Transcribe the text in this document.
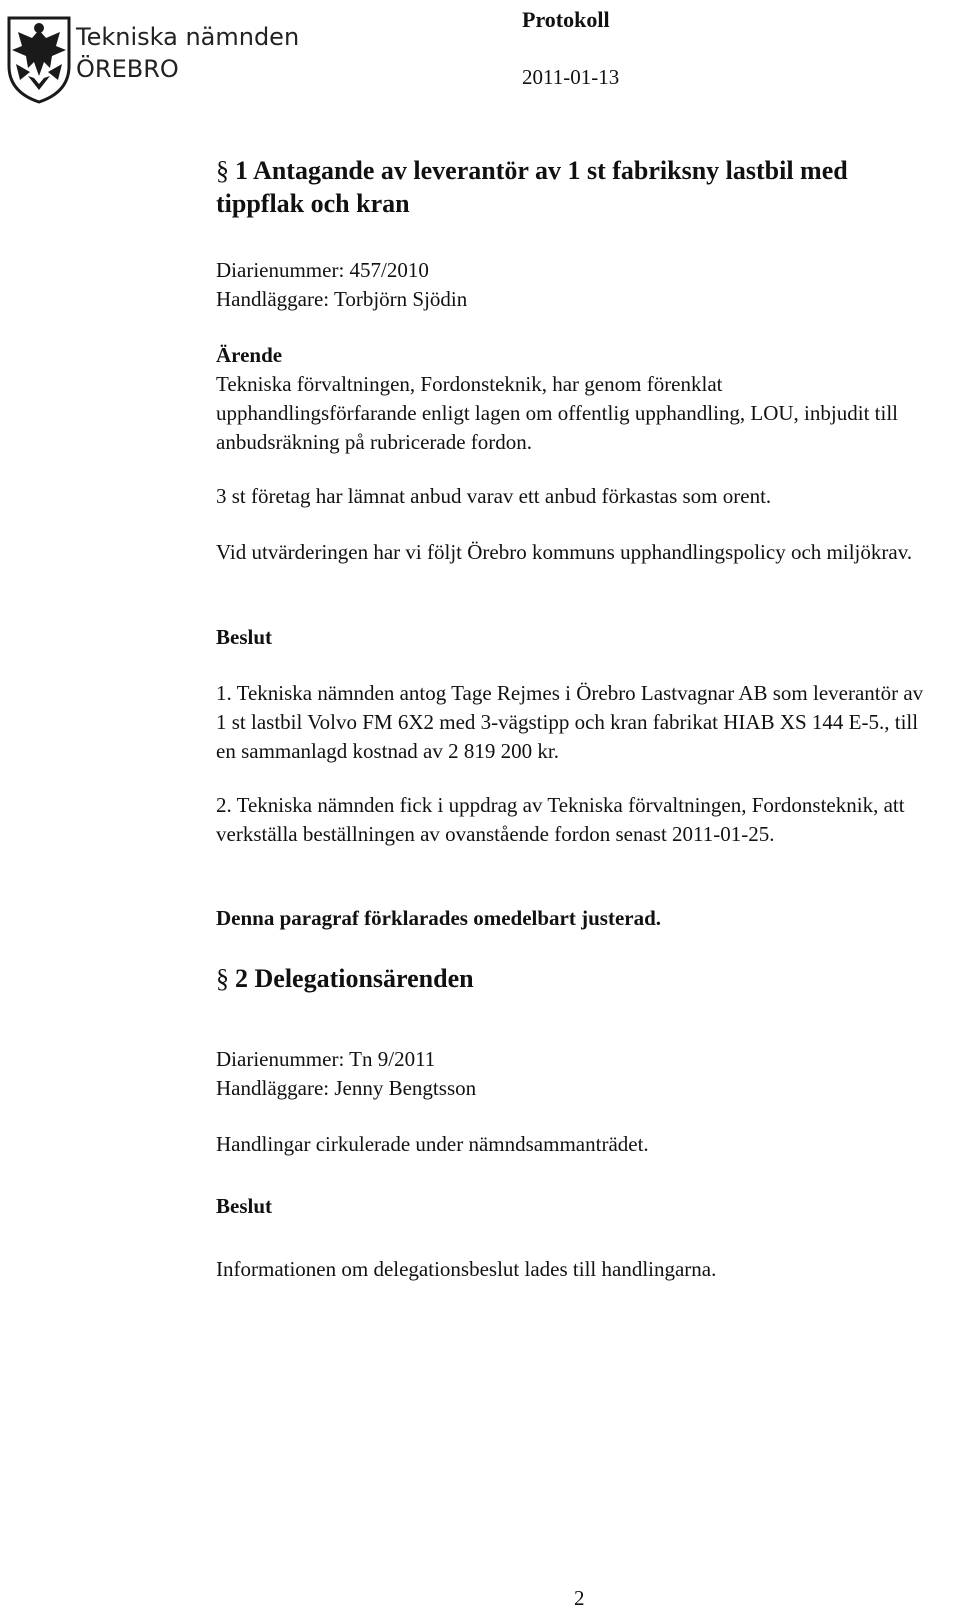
Tekniska nämnden
ÖREBRO
Protokoll
2011-01-13
§ 1 Antagande av leverantör av 1 st fabriksny lastbil med tippflak och kran
Diarienummer: 457/2010
Handläggare: Torbjörn Sjödin
Ärende
Tekniska förvaltningen, Fordonsteknik, har genom förenklat upphandlingsförfarande enligt lagen om offentlig upphandling, LOU, inbjudit till anbudsräkning på rubricerade fordon.
3 st företag har lämnat anbud varav ett anbud förkastas som orent.
Vid utvärderingen har vi följt Örebro kommuns upphandlingspolicy och miljökrav.
Beslut
1. Tekniska nämnden antog Tage Rejmes i Örebro Lastvagnar AB som leverantör av 1 st lastbil Volvo FM 6X2 med 3-vägstipp och kran fabrikat HIAB XS 144 E-5., till en sammanlagd kostnad av 2 819 200 kr.
2. Tekniska nämnden fick i uppdrag av Tekniska förvaltningen, Fordonsteknik, att verkställa beställningen av ovanstående fordon senast 2011-01-25.
Denna paragraf förklarades omedelbart justerad.
§ 2 Delegationsärenden
Diarienummer: Tn 9/2011
Handläggare: Jenny Bengtsson
Handlingar cirkulerade under nämndsammanträdet.
Beslut
Informationen om delegationsbeslut lades till handlingarna.
2
